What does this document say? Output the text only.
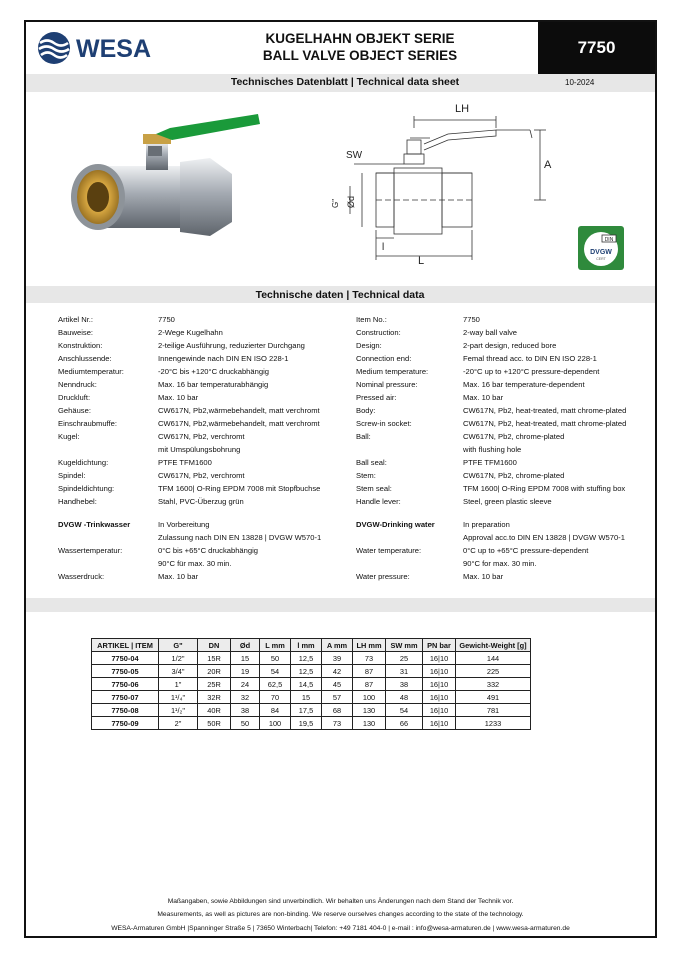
WESA	KUGELHAHN OBJEKT SERIE
BALL VALVE OBJECT SERIES	7750
Technisches Datenblatt | Technical data sheet	10-2024
LH
SW
A
G" Ød
l
L
DIN
DVGW
CERT
Technische daten | Technical data
Artikel Nr.:	7750	Item No.:	7750
Bauweise:	2-Wege Kugelhahn	Construction:	2-way ball valve
Konstruktion:	2-teilige Ausführung, reduzierter Durchgang	Design:	2-part design, reduced bore
Anschlussende:	Innengewinde nach DIN EN ISO 228-1	Connection end:	Femal thread acc. to DIN EN ISO 228-1
Mediumtemperatur:	-20°C bis +120°C druckabhängig	Medium temperature:	-20°C up to +120°C pressure-dependent
Nenndruck:	Max. 16 bar temperaturabhängig	Nominal pressure:	Max. 16 bar temperature-dependent
Druckluft:	Max. 10 bar	Pressed air:	Max. 10 bar
Gehäuse:	CW617N, Pb2,wärmebehandelt, matt verchromt	Body:	CW617N, Pb2, heat-treated, matt chrome-plated
Einschraubmuffe:	CW617N, Pb2,wärmebehandelt, matt verchromt	Screw-in socket:	CW617N, Pb2, heat-treated, matt chrome-plated
Kugel:	CW617N, Pb2, verchromt	Ball:	CW617N, Pb2, chrome-plated
mit Umspülungsbohrung	with flushing hole
Kugeldichtung:	PTFE TFM1600	Ball seal:	PTFE TFM1600
Spindel:	CW617N, Pb2, verchromt	Stem:	CW617N, Pb2, chrome-plated
Spindeldichtung:	TFM 1600| O-Ring EPDM 7008 mit Stopfbuchse	Stem seal:	TFM 1600| O-Ring EPDM 7008 with stuffing box
Handhebel:	Stahl, PVC-Überzug grün	Handle lever:	Steel, green plastic sleeve
DVGW -Trinkwasser	In Vorbereitung	DVGW-Drinking water	In preparation
Zulassung nach DIN EN 13828 | DVGW W570-1	Approval acc.to DIN EN 13828 | DVGW W570-1
Wassertemperatur:	0°C bis +65°C druckabhängig	Water temperature:	0°C up to +65°C pressure-dependent
90°C für max. 30 min.	90°C for max. 30 min.
Wasserdruck:	Max. 10 bar	Water pressure:	Max. 10 bar
ARTIKEL | ITEM	G"	DN	Ød	L mm	l mm	A mm	LH mm	SW mm	PN bar	Gewicht-Weight [g]
7750-04	1/2"	15R	15	50	12,5	39	73	25	16|10	144
7750-05	3/4"	20R	19	54	12,5	42	87	31	16|10	225
7750-06	1"	25R	24	62,5	14,5	45	87	38	16|10	332
7750-07	1¹/₄"	32R	32	70	15	57	100	48	16|10	491
7750-08	1¹/₂"	40R	38	84	17,5	68	130	54	16|10	781
7750-09	2"	50R	50	100	19,5	73	130	66	16|10	1233
Maßangaben, sowie Abbildungen sind unverbindlich. Wir behalten uns Änderungen nach dem Stand der Technik vor.
Measurements, as well as pictures are non-binding. We reserve ourselves changes according to the state of the technology.
WESA-Armaturen GmbH |Spanninger Straße 5 | 73650 Winterbach| Telefon: +49 7181 404-0 | e-mail : info@wesa-armaturen.de | www.wesa-armaturen.de
